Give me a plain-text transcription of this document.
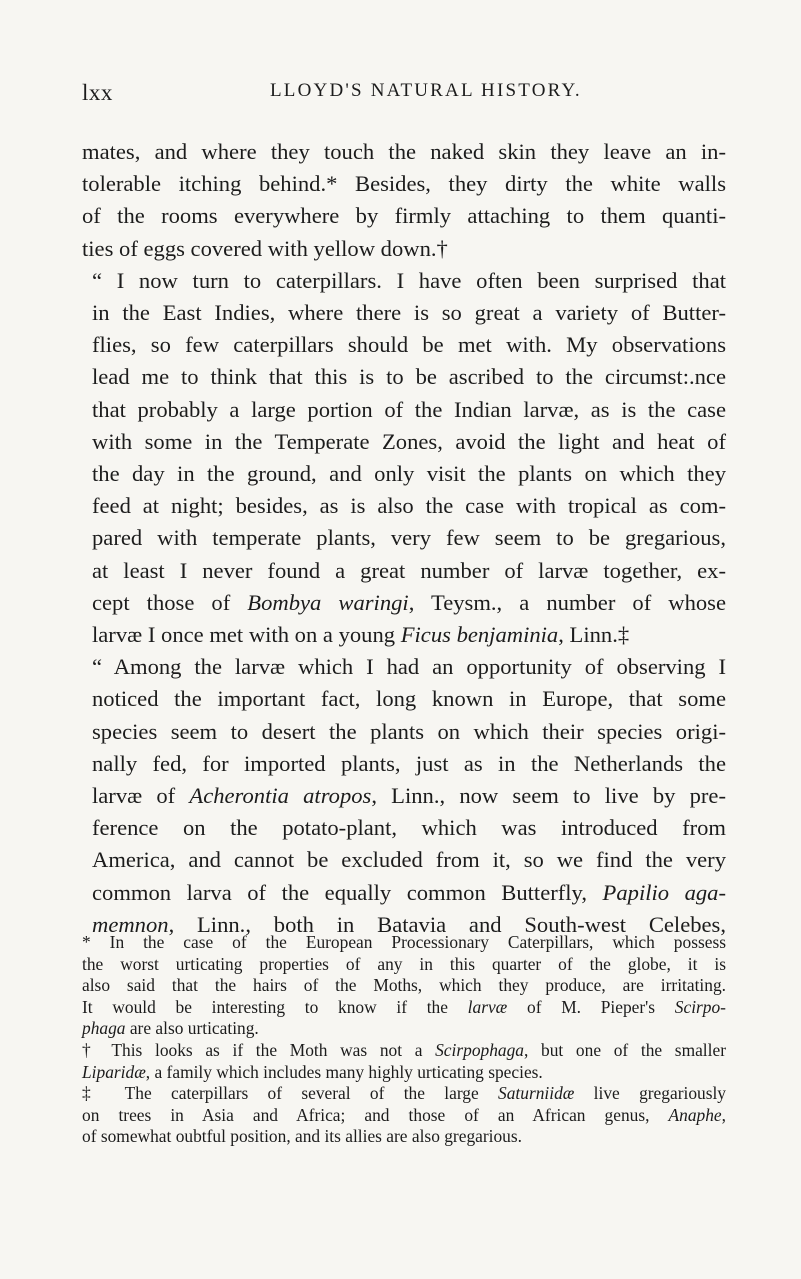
lxx	LLOYD'S NATURAL HISTORY.

mates, and where they touch the naked skin they leave an in-
tolerable itching behind.* Besides, they dirty the white walls
of the rooms everywhere by firmly attaching to them quanti-
ties of eggs covered with yellow down.†

“ I now turn to caterpillars. I have often been surprised that
in the East Indies, where there is so great a variety of Butter-
flies, so few caterpillars should be met with. My observations
lead me to think that this is to be ascribed to the circumst:.nce
that probably a large portion of the Indian larvæ, as is the case
with some in the Temperate Zones, avoid the light and heat of
the day in the ground, and only visit the plants on which they
feed at night; besides, as is also the case with tropical as com-
pared with temperate plants, very few seem to be gregarious,
at least I never found a great number of larvæ together, ex-
cept those of Bombya waringi, Teysm., a number of whose
larvæ I once met with on a young Ficus benjaminia, Linn.‡

“ Among the larvæ which I had an opportunity of observing I
noticed the important fact, long known in Europe, that some
species seem to desert the plants on which their species origi-
nally fed, for imported plants, just as in the Netherlands the
larvæ of Acherontia atropos, Linn., now seem to live by pre-
ference on the potato-plant, which was introduced from
America, and cannot be excluded from it, so we find the very
common larva of the equally common Butterfly, Papilio aga-
memnon, Linn., both in Batavia and South-west Celebes,

* In the case of the European Processionary Caterpillars, which possess
the worst urticating properties of any in this quarter of the globe, it is
also said that the hairs of the Moths, which they produce, are irritating.
It would be interesting to know if the larvæ of M. Pieper's Scirpo-
phaga are also urticating.

† This looks as if the Moth was not a Scirpophaga, but one of the smaller
Liparidæ, a family which includes many highly urticating species.

‡ The caterpillars of several of the large Saturniidæ live gregariously
on trees in Asia and Africa; and those of an African genus, Anaphe,
of somewhat oubtful position, and its allies are also gregarious.
